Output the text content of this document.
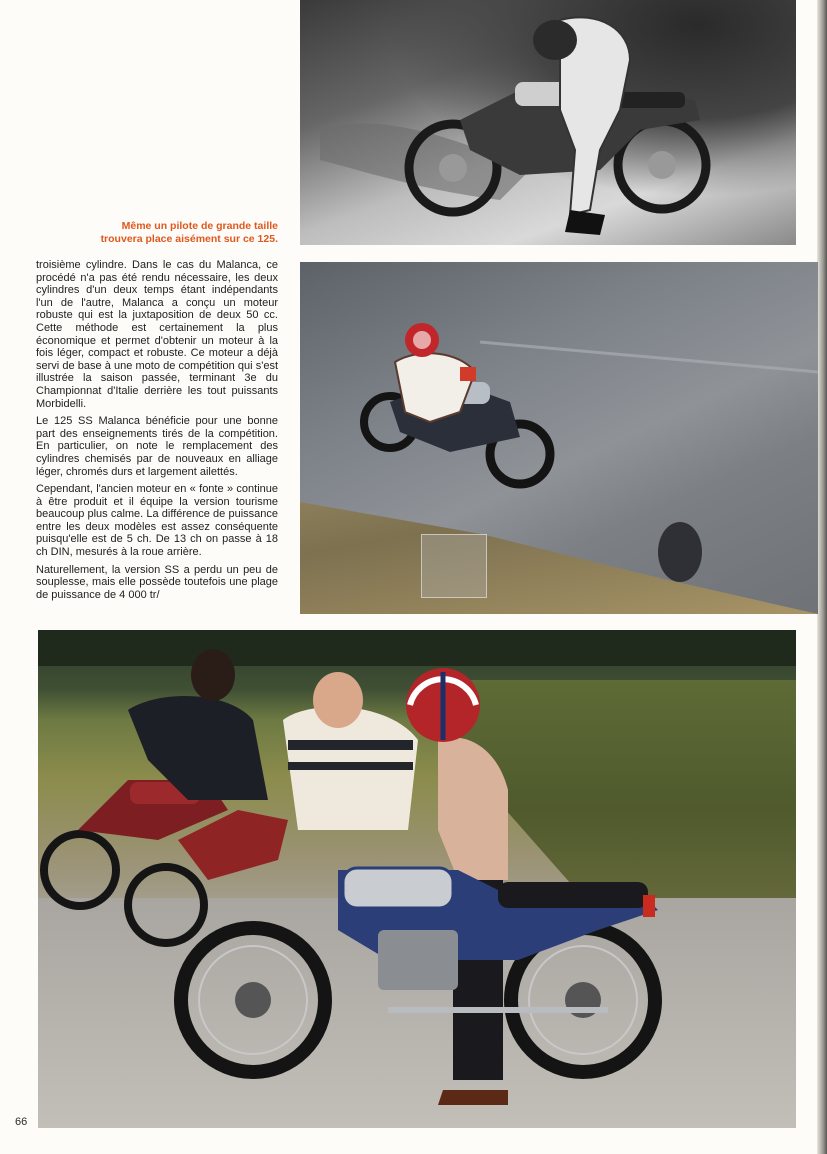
Même un pilote de grande taille
trouvera place aisément sur ce 125.

troisième cylindre. Dans le cas du Malanca, ce procédé n'a pas été rendu nécessaire, les deux cylindres d'un deux temps étant indépendants l'un de l'autre, Malanca a conçu un moteur robuste qui est la juxtaposition de deux 50 cc. Cette méthode est certainement la plus économique et permet d'obtenir un moteur à la fois léger, compact et robuste. Ce moteur a déjà servi de base à une moto de compétition qui s'est illustrée la saison passée, terminant 3e du Championnat d'Italie derrière les tout puissants Morbidelli.

Le 125 SS Malanca bénéficie pour une bonne part des enseignements tirés de la compétition. En particulier, on note le remplacement des cylindres chemisés par de nouveaux en alliage léger, chromés durs et largement ailettés.

Cependant, l'ancien moteur en « fonte » continue à être produit et il équipe la version tourisme beaucoup plus calme. La différence de puissance entre les deux modèles est assez conséquente puisqu'elle est de 5 ch. De 13 ch on passe à 18 ch DIN, mesurés à la roue arrière.

Naturellement, la version SS a perdu un peu de souplesse, mais elle possède toutefois une plage de puissance de 4 000 tr/

66
